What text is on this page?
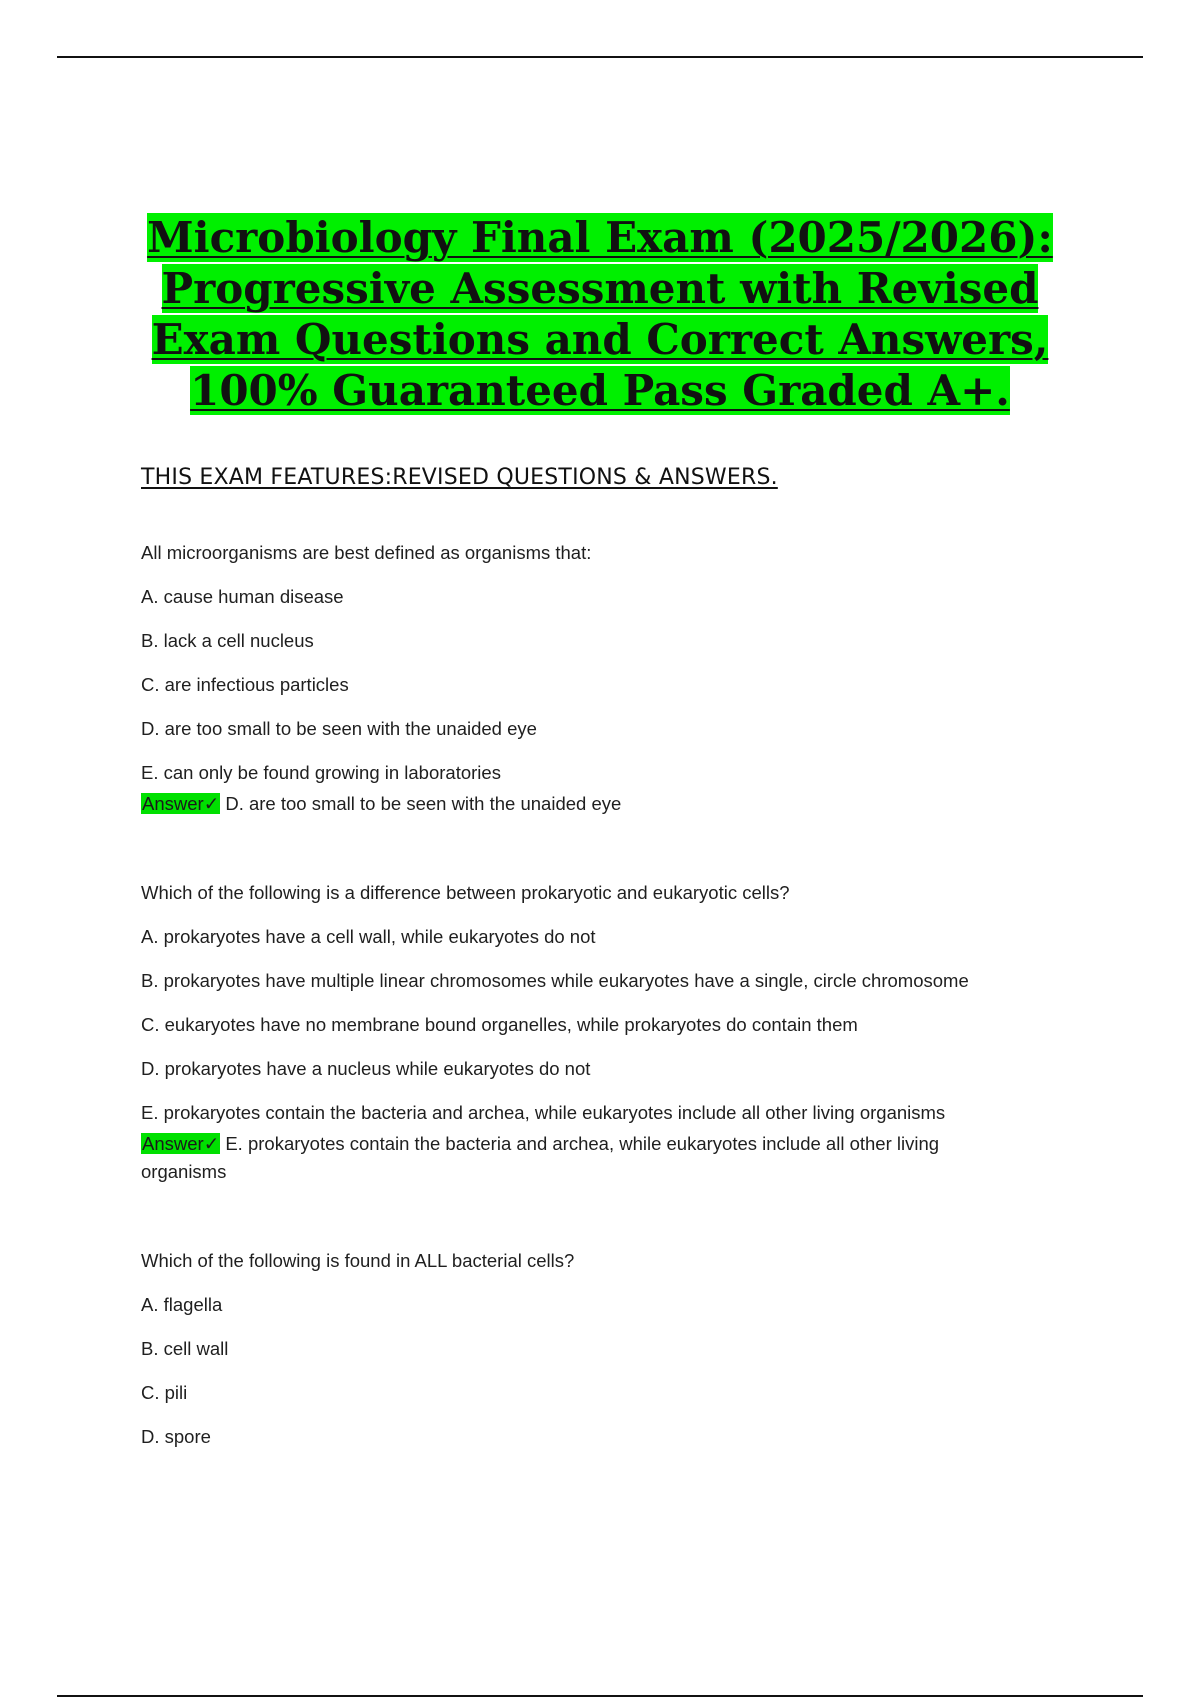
Microbiology Final Exam (2025/2026): Progressive Assessment with Revised Exam Questions and Correct Answers, 100% Guaranteed Pass Graded A+.
THIS EXAM FEATURES:REVISED QUESTIONS & ANSWERS.
All microorganisms are best defined as organisms that:
A. cause human disease
B. lack a cell nucleus
C. are infectious particles
D. are too small to be seen with the unaided eye
E. can only be found growing in laboratories
Answer✓ D. are too small to be seen with the unaided eye
Which of the following is a difference between prokaryotic and eukaryotic cells?
A. prokaryotes have a cell wall, while eukaryotes do not
B. prokaryotes have multiple linear chromosomes while eukaryotes have a single, circle chromosome
C. eukaryotes have no membrane bound organelles, while prokaryotes do contain them
D. prokaryotes have a nucleus while eukaryotes do not
E. prokaryotes contain the bacteria and archea, while eukaryotes include all other living organisms
Answer✓ E. prokaryotes contain the bacteria and archea, while eukaryotes include all other living organisms
Which of the following is found in ALL bacterial cells?
A. flagella
B. cell wall
C. pili
D. spore
